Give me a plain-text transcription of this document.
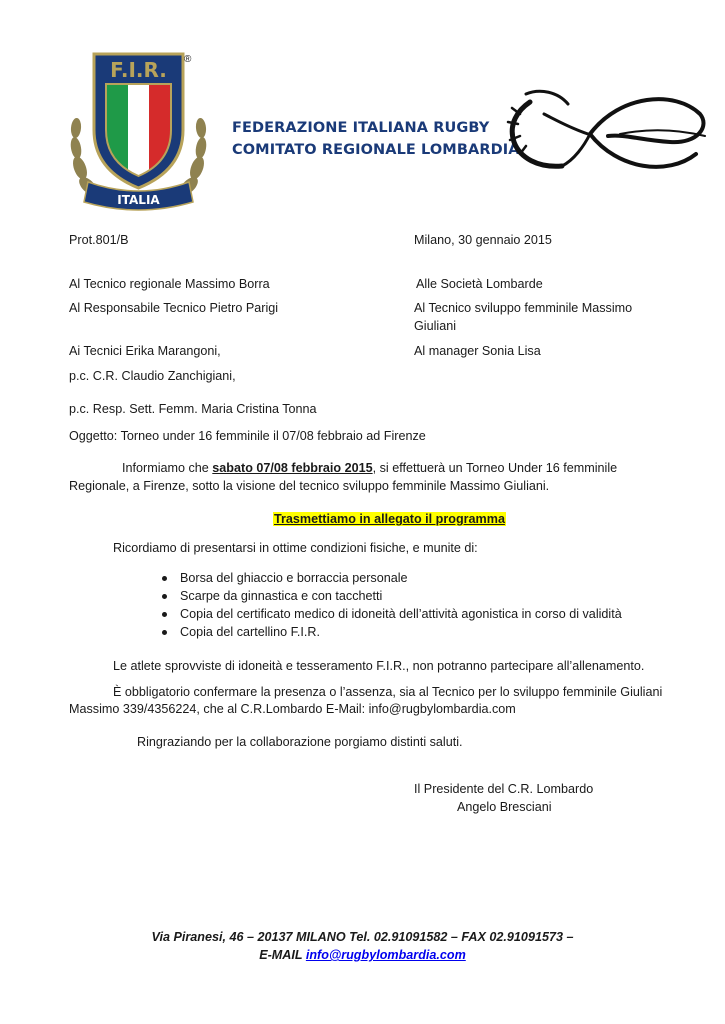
F.I.R.
ITALIA
®
FEDERAZIONE ITALIANA RUGBY
COMITATO REGIONALE LOMBARDIA
Prot.801/B	Milano, 30 gennaio 2015
Al Tecnico regionale Massimo Borra
Al Responsabile Tecnico Pietro Parigi
Ai Tecnici Erika Marangoni,
p.c. C.R. Claudio Zanchigiani,
p.c. Resp. Sett. Femm. Maria Cristina Tonna
Alle Società Lombarde
Al Tecnico sviluppo femminile Massimo
Giuliani
Al manager Sonia Lisa
Oggetto: Torneo under 16 femminile il 07/08 febbraio ad Firenze
Informiamo che sabato 07/08 febbraio 2015, si effettuerà un Torneo Under 16 femminile
Regionale, a Firenze, sotto la visione del tecnico sviluppo femminile Massimo Giuliani.
Trasmettiamo in allegato il programma
Ricordiamo di presentarsi in ottime condizioni fisiche, e munite di:
Borsa del ghiaccio e borraccia personale
Scarpe da ginnastica e con tacchetti
Copia del certificato medico di idoneità dell’attività agonistica in corso di validità
Copia del cartellino F.I.R.
Le atlete sprovviste di idoneità e tesseramento F.I.R., non potranno partecipare all’allenamento.
È obbligatorio confermare la presenza o l’assenza, sia al Tecnico per lo sviluppo femminile Giuliani
Massimo 339/4356224, che al C.R.Lombardo E-Mail: info@rugbylombardia.com
Ringraziando per la collaborazione porgiamo distinti saluti.
Il Presidente del C.R. Lombardo
Angelo Bresciani
Via Piranesi, 46 – 20137 MILANO Tel. 02.91091582 – FAX 02.91091573 –
E-MAIL info@rugbylombardia.com
